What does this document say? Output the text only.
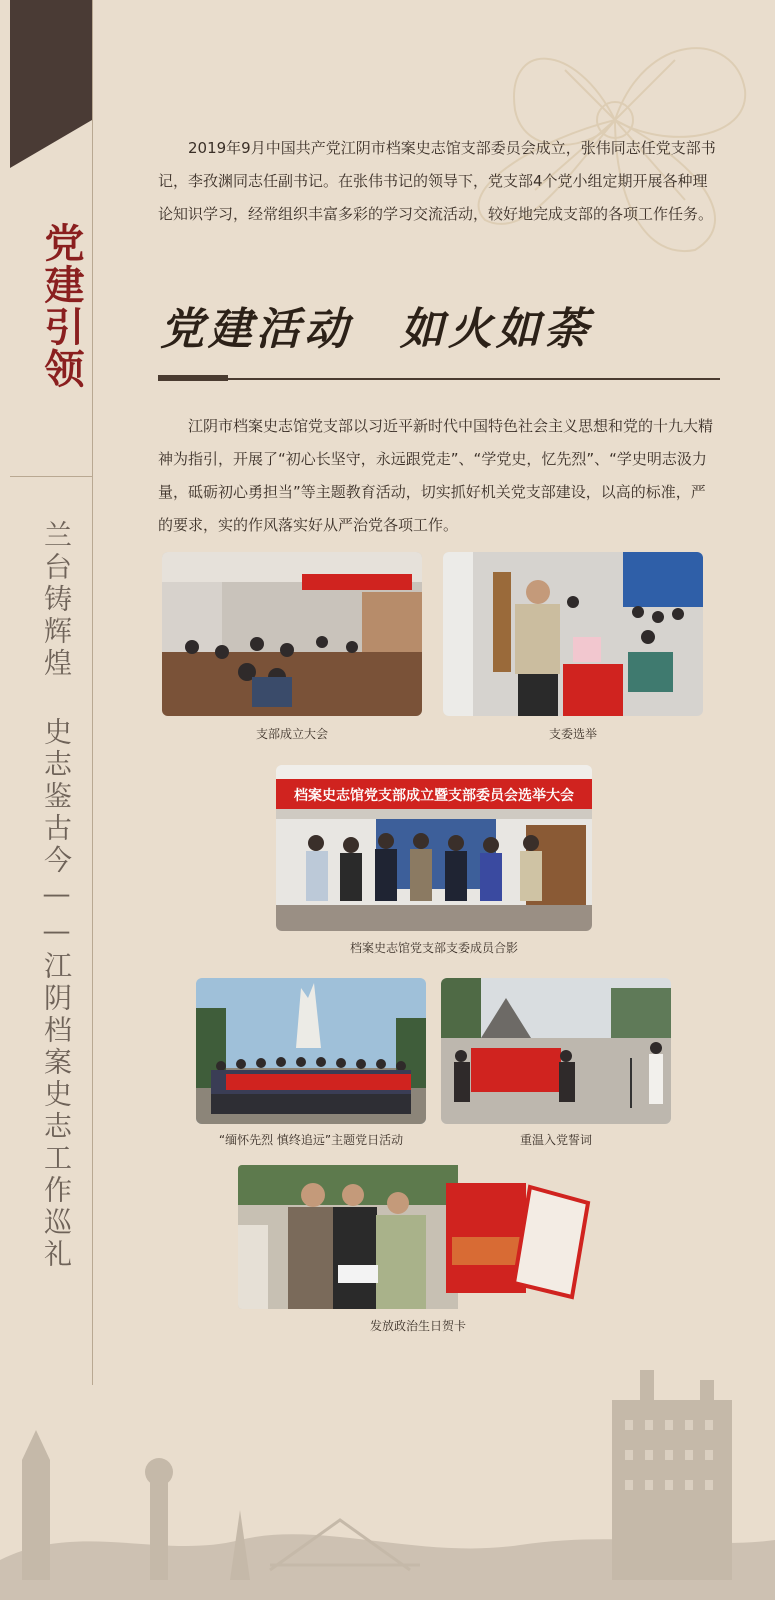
党建引领
兰台铸辉煌 史志鉴古今——江阴档案史志工作巡礼

2019年9月中国共产党江阴市档案史志馆支部委员会成立，张伟同志任党支部书记，李孜渊同志任副书记。在张伟书记的领导下，党支部4个党小组定期开展各种理论知识学习，经常组织丰富多彩的学习交流活动，较好地完成支部的各项工作任务。

党建活动　如火如荼

江阴市档案史志馆党支部以习近平新时代中国特色社会主义思想和党的十九大精神为指引，开展了“初心长坚守，永远跟党走”、“学党史，忆先烈”、“学史明志汲力量，砥砺初心勇担当”等主题教育活动，切实抓好机关党支部建设，以高的标准，严的要求，实的作风落实好从严治党各项工作。

支部成立大会	支委选举

档案史志馆党支部成立暨支部委员会选举大会

档案史志馆党支部支委成员合影

“缅怀先烈 慎终追远”主题党日活动	重温入党誓词

发放政治生日贺卡
